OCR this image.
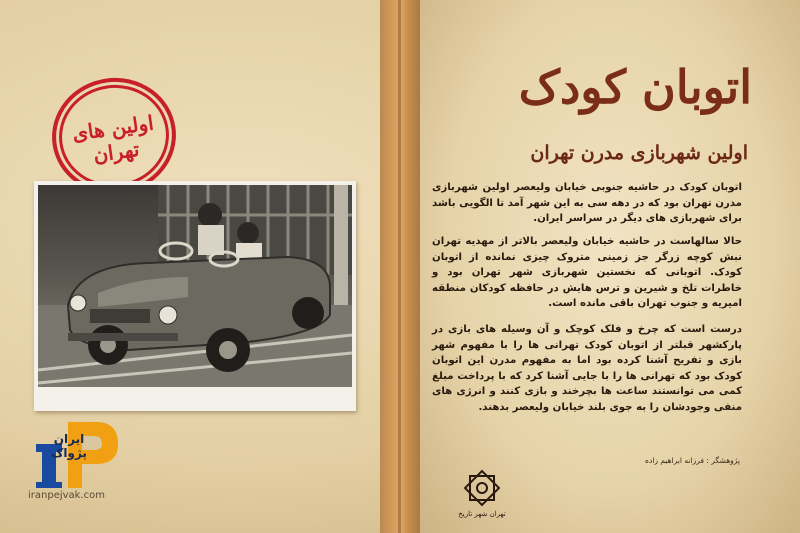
اولین های تهران
ایران پژواک
iranpejvak.com
اتوبان کودک
اولین شهربازی مدرن تهران
اتوبان کودک در حاشیه جنوبی خیابان ولیعصر اولین شهربازی مدرن تهران بود که در دهه سی به این شهر آمد تا الگویی باشد برای شهربازی های دیگر در سراسر ایران.
حالا سالهاست در حاشیه خیابان ولیعصر بالاتر از مهدیه تهران نبش کوچه زرگر جز زمینی متروک چیزی نمانده از اتوبان کودک. اتوبانی که نخستین شهربازی شهر تهران بود و خاطرات تلخ و شیرین و ترس هایش در حافظه کودکان منطقه امیریه و جنوب تهران باقی مانده است.
درست است که چرخ و فلک کوچک و آن وسیله های بازی در پارکشهر قبلتر از اتوبان کودک تهرانی ها را با مفهوم شهر بازی و تفریح آشنا کرده بود اما به مفهوم مدرن این اتوبان کودک بود که تهرانی ها را با جایی آشنا کرد که با پرداخت مبلغ کمی می توانستند ساعت ها بچرخند و بازی کنند و انرژی های منفی وجودشان را به جوی بلند خیابان ولیعصر بدهند.
پژوهشگر : فرزانه ابراهیم زاده
تهران شهر تاریخ
